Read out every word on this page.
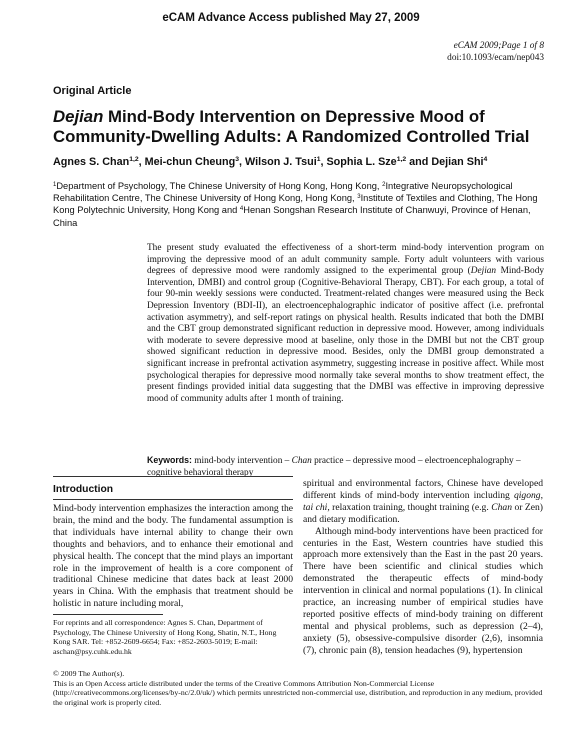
eCAM Advance Access published May 27, 2009
eCAM 2009;Page 1 of 8
doi:10.1093/ecam/nep043
Original Article
Dejian Mind-Body Intervention on Depressive Mood of Community-Dwelling Adults: A Randomized Controlled Trial
Agnes S. Chan$^{1,2}$, Mei-chun Cheung$^3$, Wilson J. Tsui$^1$, Sophia L. Sze$^{1,2}$ and Dejian Shi$^4$
$^1$Department of Psychology, The Chinese University of Hong Kong, Hong Kong, $^2$Integrative Neuropsychological Rehabilitation Centre, The Chinese University of Hong Kong, Hong Kong, $^3$Institute of Textiles and Clothing, The Hong Kong Polytechnic University, Hong Kong and $^4$Henan Songshan Research Institute of Chanwuyi, Province of Henan, China
The present study evaluated the effectiveness of a short-term mind-body intervention program on improving the depressive mood of an adult community sample. Forty adult volunteers with various degrees of depressive mood were randomly assigned to the experimental group (Dejian Mind-Body Intervention, DMBI) and control group (Cognitive-Behavioral Therapy, CBT). For each group, a total of four 90-min weekly sessions were conducted. Treatment-related changes were measured using the Beck Depression Inventory (BDI-II), an electroencephalographic indicator of positive affect (i.e. prefrontal activation asymmetry), and self-report ratings on physical health. Results indicated that both the DMBI and the CBT group demonstrated significant reduction in depressive mood. However, among individuals with moderate to severe depressive mood at baseline, only those in the DMBI but not the CBT group showed significant reduction in depressive mood. Besides, only the DMBI group demonstrated a significant increase in prefrontal activation asymmetry, suggesting increase in positive affect. While most psychological therapies for depressive mood normally take several months to show treatment effect, the present findings provided initial data suggesting that the DMBI was effective in improving depressive mood of community adults after 1 month of training.
Keywords: mind-body intervention – Chan practice – depressive mood – electroencephalography – cognitive behavioral therapy
Introduction

Mind-body intervention emphasizes the interaction among the brain, the mind and the body. The fundamental assumption is that individuals have internal ability to change their own thoughts and behaviors, and to enhance their emotional and physical health. The concept that the mind plays an important role in the improvement of health is a core component of traditional Chinese medicine that dates back at least 2000 years in China. With the emphasis that treatment should be holistic in nature including moral,

spiritual and environmental factors, Chinese have developed different kinds of mind-body intervention including qigong, tai chi, relaxation training, thought training (e.g. Chan or Zen) and dietary modification.

Although mind-body interventions have been practiced for centuries in the East, Western countries have studied this approach more extensively than the East in the past 20 years. There have been scientific and clinical studies which demonstrated the therapeutic effects of mind-body intervention in clinical and normal populations (1). In clinical practice, an increasing number of empirical studies have reported positive effects of mind-body training on different mental and physical problems, such as depression (2–4), anxiety (5), obsessive-compulsive disorder (2,6), insomnia (7), chronic pain (8), tension headaches (9), hypertension

For reprints and all correspondence: Agnes S. Chan, Department of Psychology, The Chinese University of Hong Kong, Shatin, N.T., Hong Kong SAR. Tel: +852-2609-6654; Fax: +852-2603-5019; E-mail: aschan@psy.cuhk.edu.hk

© 2009 The Author(s).

This is an Open Access article distributed under the terms of the Creative Commons Attribution Non-Commercial License (http://creativecommons.org/licenses/by-nc/2.0/uk/) which permits unrestricted non-commercial use, distribution, and reproduction in any medium, provided the original work is properly cited.
